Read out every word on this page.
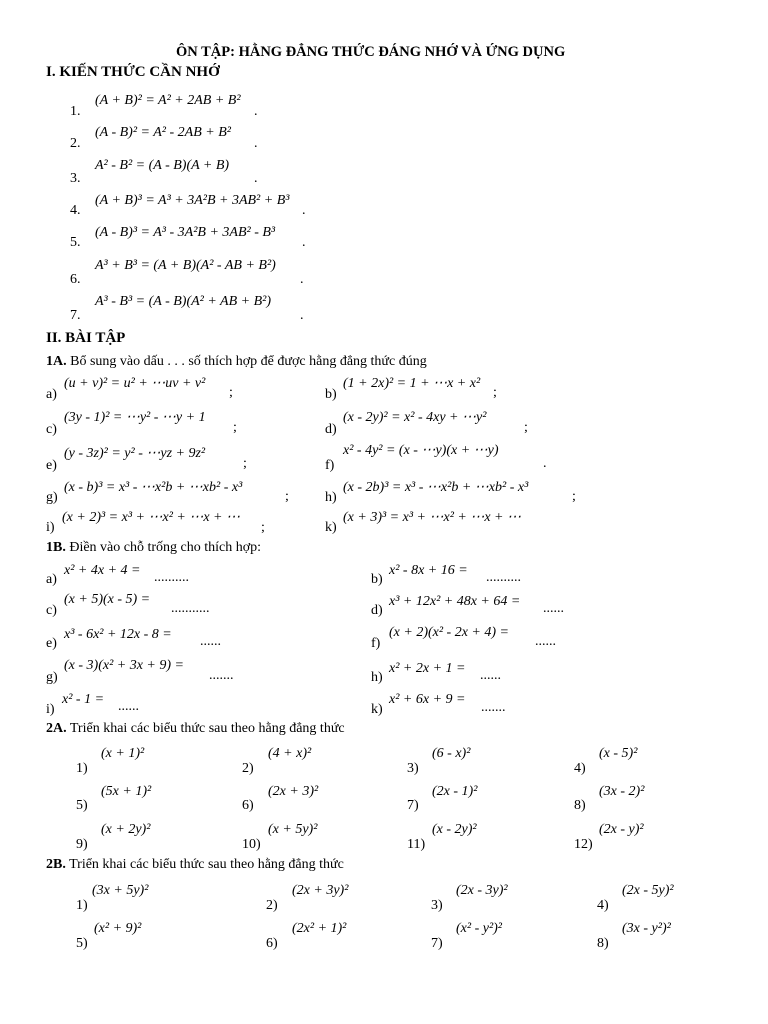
ÔN TẬP: HẰNG ĐẲNG THỨC ĐÁNG NHỚ VÀ ỨNG DỤNG
I. KIẾN THỨC CẦN NHỚ
1.
(A + B)² = A² + 2AB + B²
.
2.
(A - B)² = A² - 2AB + B²
.
3.
A² - B² = (A - B)(A + B)
.
4.
(A + B)³ = A³ + 3A²B + 3AB² + B³
.
5.
(A - B)³ = A³ - 3A²B + 3AB² - B³
.
6.
A³ + B³ = (A + B)(A² - AB + B²)
.
7.
A³ - B³ = (A - B)(A² + AB + B²)
.
II. BÀI TẬP
1A. Bổ sung vào dấu . . . số thích hợp để được hằng đẳng thức đúng
a)
(u + v)² = u² + ⋯uv + v²
;	b)
(1 + 2x)² = 1 + ⋯x + x²
;
c)
(3y - 1)² = ⋯y² - ⋯y + 1
;	d)
(x - 2y)² = x² - 4xy + ⋯y²
;
e)
(y - 3z)² = y² - ⋯yz + 9z²
;	f)
x² - 4y² = (x - ⋯y)(x + ⋯y)
.
g)
(x - b)³ = x³ - ⋯x²b + ⋯xb² - x³
;	h)
(x - 2b)³ = x³ - ⋯x²b + ⋯xb² - x³
;
i)
(x + 2)³ = x³ + ⋯x² + ⋯x + ⋯
;	k)
(x + 3)³ = x³ + ⋯x² + ⋯x + ⋯
1B. Điền vào chỗ trống cho thích hợp:
a)
x² + 4x + 4 = ..........	b)
x² - 8x + 16 = ..........
c)
(x + 5)(x - 5) =
...........	d)
x³ + 12x² + 48x + 64 = ......
e)
x³ - 6x² + 12x - 8 = ......	f)
(x + 2)(x² - 2x + 4) =
......
g)
(x - 3)(x² + 3x + 9) =
.......	h)
x² + 2x + 1 = ......
i)
x² - 1 = ......	k)
x² + 6x + 9 =
.......
2A. Triển khai các biểu thức sau theo hằng đẳng thức
1)
(x + 1)²
2)
(4 + x)²
3)
(6 - x)²
4)
(x - 5)²
5)
(5x + 1)²
6)
(2x + 3)²
7)
(2x - 1)²
8)
(3x - 2)²
9)
(x + 2y)²
10)
(x + 5y)²
11)
(x - 2y)²
12)
(2x - y)²
2B. Triển khai các biểu thức sau theo hằng đẳng thức
1)
(3x + 5y)²
2)
(2x + 3y)²
3)
(2x - 3y)²
4)
(2x - 5y)²
5)
(x² + 9)²
6)
(2x² + 1)²
7)
(x² - y²)²
8)
(3x - y²)²
